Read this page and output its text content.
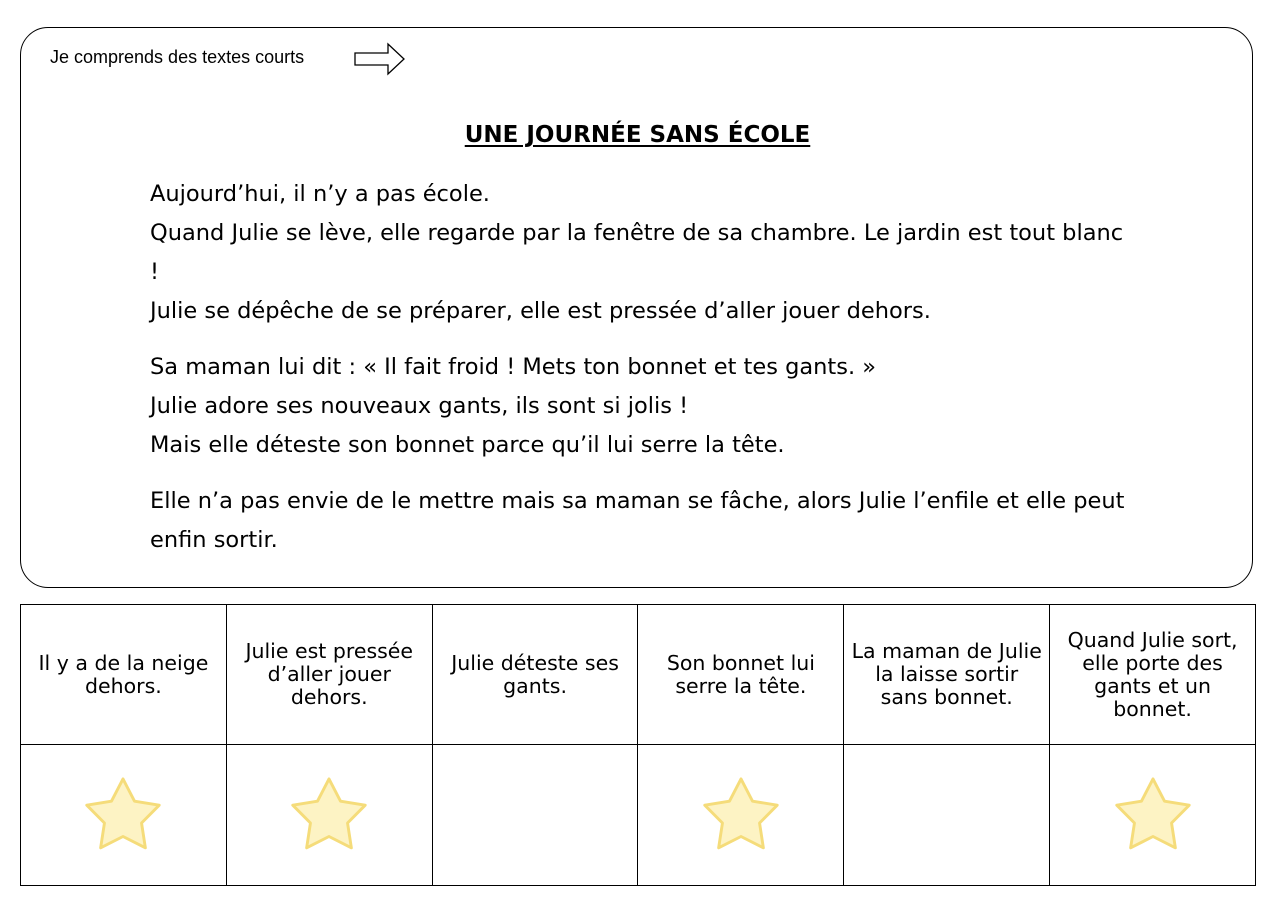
Je comprends des textes courts
UNE JOURNÉE SANS ÉCOLE

Aujourd’hui, il n’y a pas école.
Quand Julie se lève, elle regarde par la fenêtre de sa chambre. Le jardin est tout blanc !
Julie se dépêche de se préparer, elle est pressée d’aller jouer dehors.

Sa maman lui dit : « Il fait froid ! Mets ton bonnet et tes gants. »
Julie adore ses nouveaux gants, ils sont si jolis !
Mais elle déteste son bonnet parce qu’il lui serre la tête.

Elle n’a pas envie de le mettre mais sa maman se fâche, alors Julie l’enfile et elle peut enfin sortir.

Il y a de la neige dehors.	Julie est pressée d’aller jouer dehors.	Julie déteste ses gants.	Son bonnet lui serre la tête.	La maman de Julie la laisse sortir sans bonnet.	Quand Julie sort, elle porte des gants et un bonnet.
